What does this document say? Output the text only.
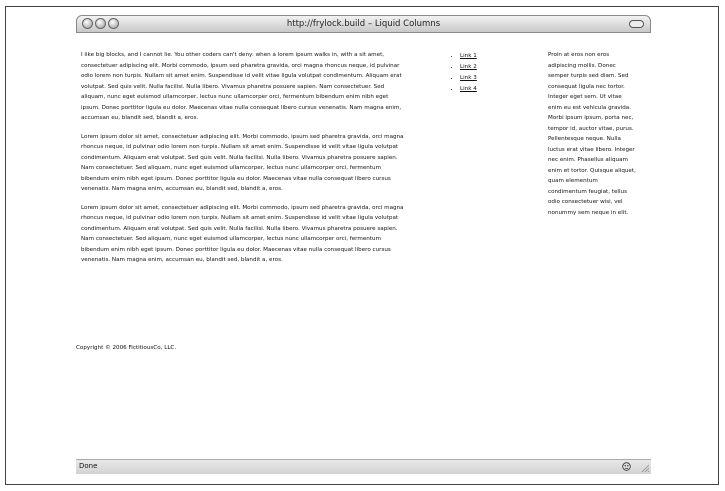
http://frylock.build – Liquid Columns

I like big blocks, and I cannot lie. You other coders can't deny: when a lorem ipsum walks in, with a sit amet, consectetuer adipiscing elit. Morbi commodo, ipsum sed pharetra gravida, orci magna rhoncus neque, id pulvinar odio lorem non turpis. Nullam sit amet enim. Suspendisse id velit vitae ligula volutpat condimentum. Aliquam erat volutpat. Sed quis velit. Nulla facilisi. Nulla libero. Vivamus pharetra posuere sapien. Nam consectetuer. Sed aliquam, nunc eget euismod ullamcorper, lectus nunc ullamcorper orci, fermentum bibendum enim nibh eget ipsum. Donec porttitor ligula eu dolor. Maecenas vitae nulla consequat libero cursus venenatis. Nam magna enim, accumsan eu, blandit sed, blandit a, eros.

Lorem ipsum dolor sit amet, consectetuer adipiscing elit. Morbi commodo, ipsum sed pharetra gravida, orci magna rhoncus neque, id pulvinar odio lorem non turpis. Nullam sit amet enim. Suspendisse id velit vitae ligula volutpat condimentum. Aliquam erat volutpat. Sed quis velit. Nulla facilisi. Nulla libero. Vivamus pharetra posuere sapien. Nam consectetuer. Sed aliquam, nunc eget euismod ullamcorper, lectus nunc ullamcorper orci, fermentum bibendum enim nibh eget ipsum. Donec porttitor ligula eu dolor. Maecenas vitae nulla consequat libero cursus venenatis. Nam magna enim, accumsan eu, blandit sed, blandit a, eros.

Lorem ipsum dolor sit amet, consectetuer adipiscing elit. Morbi commodo, ipsum sed pharetra gravida, orci magna rhoncus neque, id pulvinar odio lorem non turpis. Nullam sit amet enim. Suspendisse id velit vitae ligula volutpat condimentum. Aliquam erat volutpat. Sed quis velit. Nulla facilisi. Nulla libero. Vivamus pharetra posuere sapien. Nam consectetuer. Sed aliquam, nunc eget euismod ullamcorper, lectus nunc ullamcorper orci, fermentum bibendum enim nibh eget ipsum. Donec porttitor ligula eu dolor. Maecenas vitae nulla consequat libero cursus venenatis. Nam magna enim, accumsan eu, blandit sed, blandit a, eros.

• Link 1
• Link 2
• Link 3
• Link 4

Proin at eros non eros adipiscing mollis. Donec semper turpis sed diam. Sed consequat ligula nec tortor. Integer eget sem. Ut vitae enim eu est vehicula gravida. Morbi ipsum ipsum, porta nec, tempor id, auctor vitae, purus. Pellentesque neque. Nulla luctus erat vitae libero. Integer nec enim. Phasellus aliquam enim et tortor. Quisque aliquet, quam elementum condimentum feugiat, tellus odio consectetuer wisi, vel nonummy sem neque in elit.

Copyright © 2006 FictitiousCo, LLC.
Done
